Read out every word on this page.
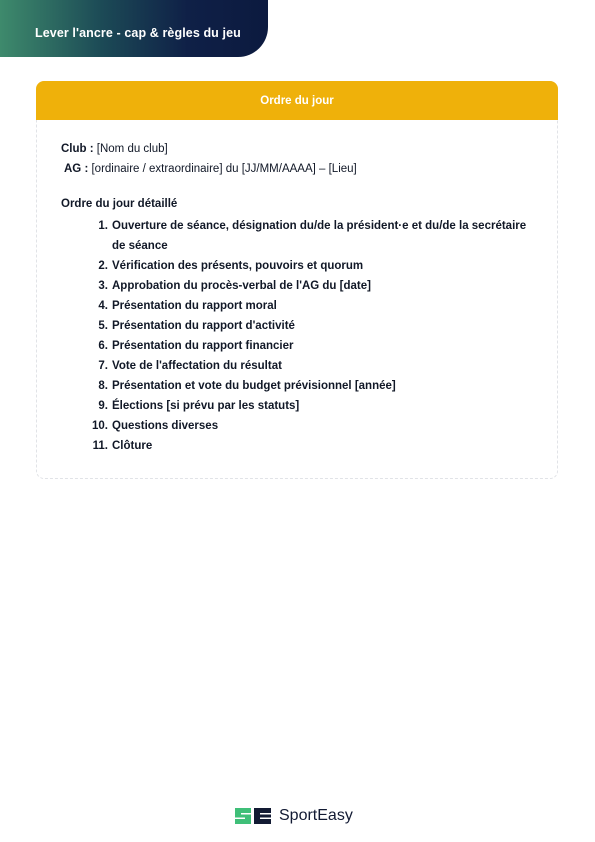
Lever l'ancre - cap & règles du jeu
Ordre du jour
Club : [Nom du club]
AG : [ordinaire / extraordinaire] du [JJ/MM/AAAA] – [Lieu]
Ordre du jour détaillé
1. Ouverture de séance, désignation du/de la président·e et du/de la secrétaire de séance
2. Vérification des présents, pouvoirs et quorum
3. Approbation du procès-verbal de l'AG du [date]
4. Présentation du rapport moral
5. Présentation du rapport d'activité
6. Présentation du rapport financier
7. Vote de l'affectation du résultat
8. Présentation et vote du budget prévisionnel [année]
9. Élections [si prévu par les statuts]
10. Questions diverses
11. Clôture
SportEasy
